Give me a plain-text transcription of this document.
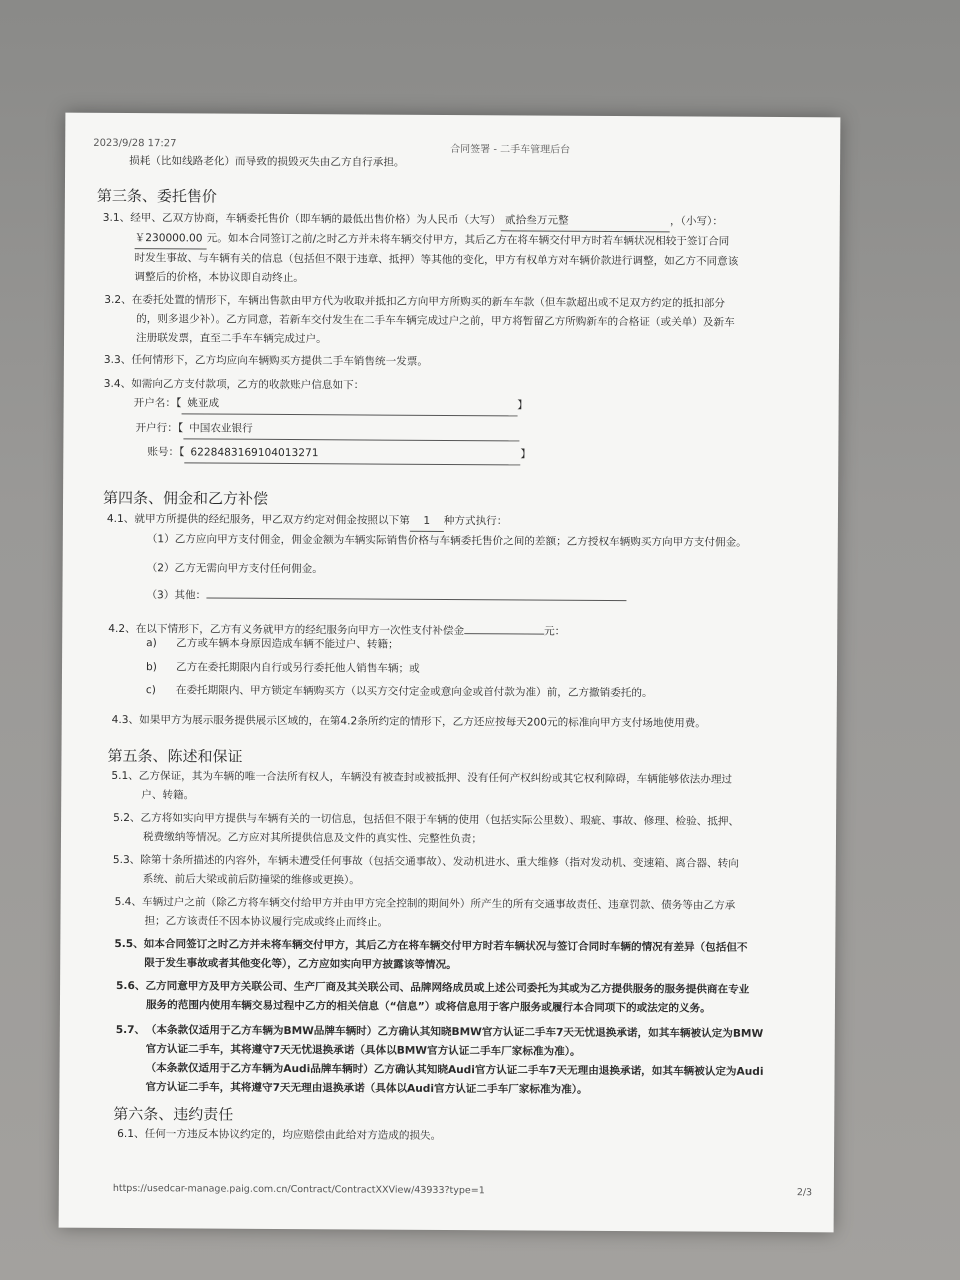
2023/9/28 17:27
合同签署 - 二手车管理后台
损耗（比如线路老化）而导致的损毁灭失由乙方自行承担。
第三条、委托售价
3.1、经甲、乙双方协商，车辆委托售价（即车辆的最低出售价格）为人民币（大写） 贰拾叁万元整	，（小写）：
￥230000.00 元。如本合同签订之前/之时乙方并未将车辆交付甲方，其后乙方在将车辆交付甲方时若车辆状况相较于签订合同
时发生事故、与车辆有关的信息（包括但不限于违章、抵押）等其他的变化，甲方有权单方对车辆价款进行调整，如乙方不同意该
调整后的价格，本协议即自动终止。
3.2、在委托处置的情形下，车辆出售款由甲方代为收取并抵扣乙方向甲方所购买的新车车款（但车款超出或不足双方约定的抵扣部分
的，则多退少补）。乙方同意，若新车交付发生在二手车车辆完成过户之前，甲方将暂留乙方所购新车的合格证（或关单）及新车
注册联发票，直至二手车车辆完成过户。
3.3、任何情形下，乙方均应向车辆购买方提供二手车销售统一发票。
3.4、如需向乙方支付款项，乙方的收款账户信息如下：
开户名：【 姚亚成	】
开户行：【 中国农业银行
账号：【 6228483169104013271	】
第四条、佣金和乙方补偿
4.1、就甲方所提供的经纪服务，甲乙双方约定对佣金按照以下第 1 种方式执行：
（1）乙方应向甲方支付佣金，佣金金额为车辆实际销售价格与车辆委托售价之间的差额；乙方授权车辆购买方向甲方支付佣金。
（2）乙方无需向甲方支付任何佣金。
（3）其他：
4.2、在以下情形下，乙方有义务就甲方的经纪服务向甲方一次性支付补偿金	元：
a) 乙方或车辆本身原因造成车辆不能过户、转籍；
b) 乙方在委托期限内自行或另行委托他人销售车辆；或
c) 在委托期限内、甲方锁定车辆购买方（以买方交付定金或意向金或首付款为准）前，乙方撤销委托的。
4.3、如果甲方为展示服务提供展示区域的，在第4.2条所约定的情形下，乙方还应按每天200元的标准向甲方支付场地使用费。
第五条、陈述和保证
5.1、乙方保证，其为车辆的唯一合法所有权人，车辆没有被查封或被抵押、没有任何产权纠纷或其它权利障碍，车辆能够依法办理过
户、转籍。
5.2、乙方将如实向甲方提供与车辆有关的一切信息，包括但不限于车辆的使用（包括实际公里数）、瑕疵、事故、修理、检验、抵押、
税费缴纳等情况。乙方应对其所提供信息及文件的真实性、完整性负责；
5.3、除第十条所描述的内容外，车辆未遭受任何事故（包括交通事故）、发动机进水、重大维修（指对发动机、变速箱、离合器、转向
系统、前后大梁或前后防撞梁的维修或更换）。
5.4、车辆过户之前（除乙方将车辆交付给甲方并由甲方完全控制的期间外）所产生的所有交通事故责任、违章罚款、债务等由乙方承
担；乙方该责任不因本协议履行完成或终止而终止。
5.5、如本合同签订之时乙方并未将车辆交付甲方，其后乙方在将车辆交付甲方时若车辆状况与签订合同时车辆的情况有差异（包括但不
限于发生事故或者其他变化等），乙方应如实向甲方披露该等情况。
5.6、乙方同意甲方及甲方关联公司、生产厂商及其关联公司、品牌网络成员或上述公司委托为其或为乙方提供服务的服务提供商在专业
服务的范围内使用车辆交易过程中乙方的相关信息（“信息”）或将信息用于客户服务或履行本合同项下的或法定的义务。
5.7、（本条款仅适用于乙方车辆为BMW品牌车辆时）乙方确认其知晓BMW官方认证二手车7天无忧退换承诺，如其车辆被认定为BMW
官方认证二手车，其将遵守7天无忧退换承诺（具体以BMW官方认证二手车厂家标准为准）。
（本条款仅适用于乙方车辆为Audi品牌车辆时）乙方确认其知晓Audi官方认证二手车7天无理由退换承诺，如其车辆被认定为Audi
官方认证二手车，其将遵守7天无理由退换承诺（具体以Audi官方认证二手车厂家标准为准）。
第六条、违约责任
6.1、任何一方违反本协议约定的，均应赔偿由此给对方造成的损失。
https://usedcar-manage.paig.com.cn/Contract/ContractXXView/43933?type=1	2/3
